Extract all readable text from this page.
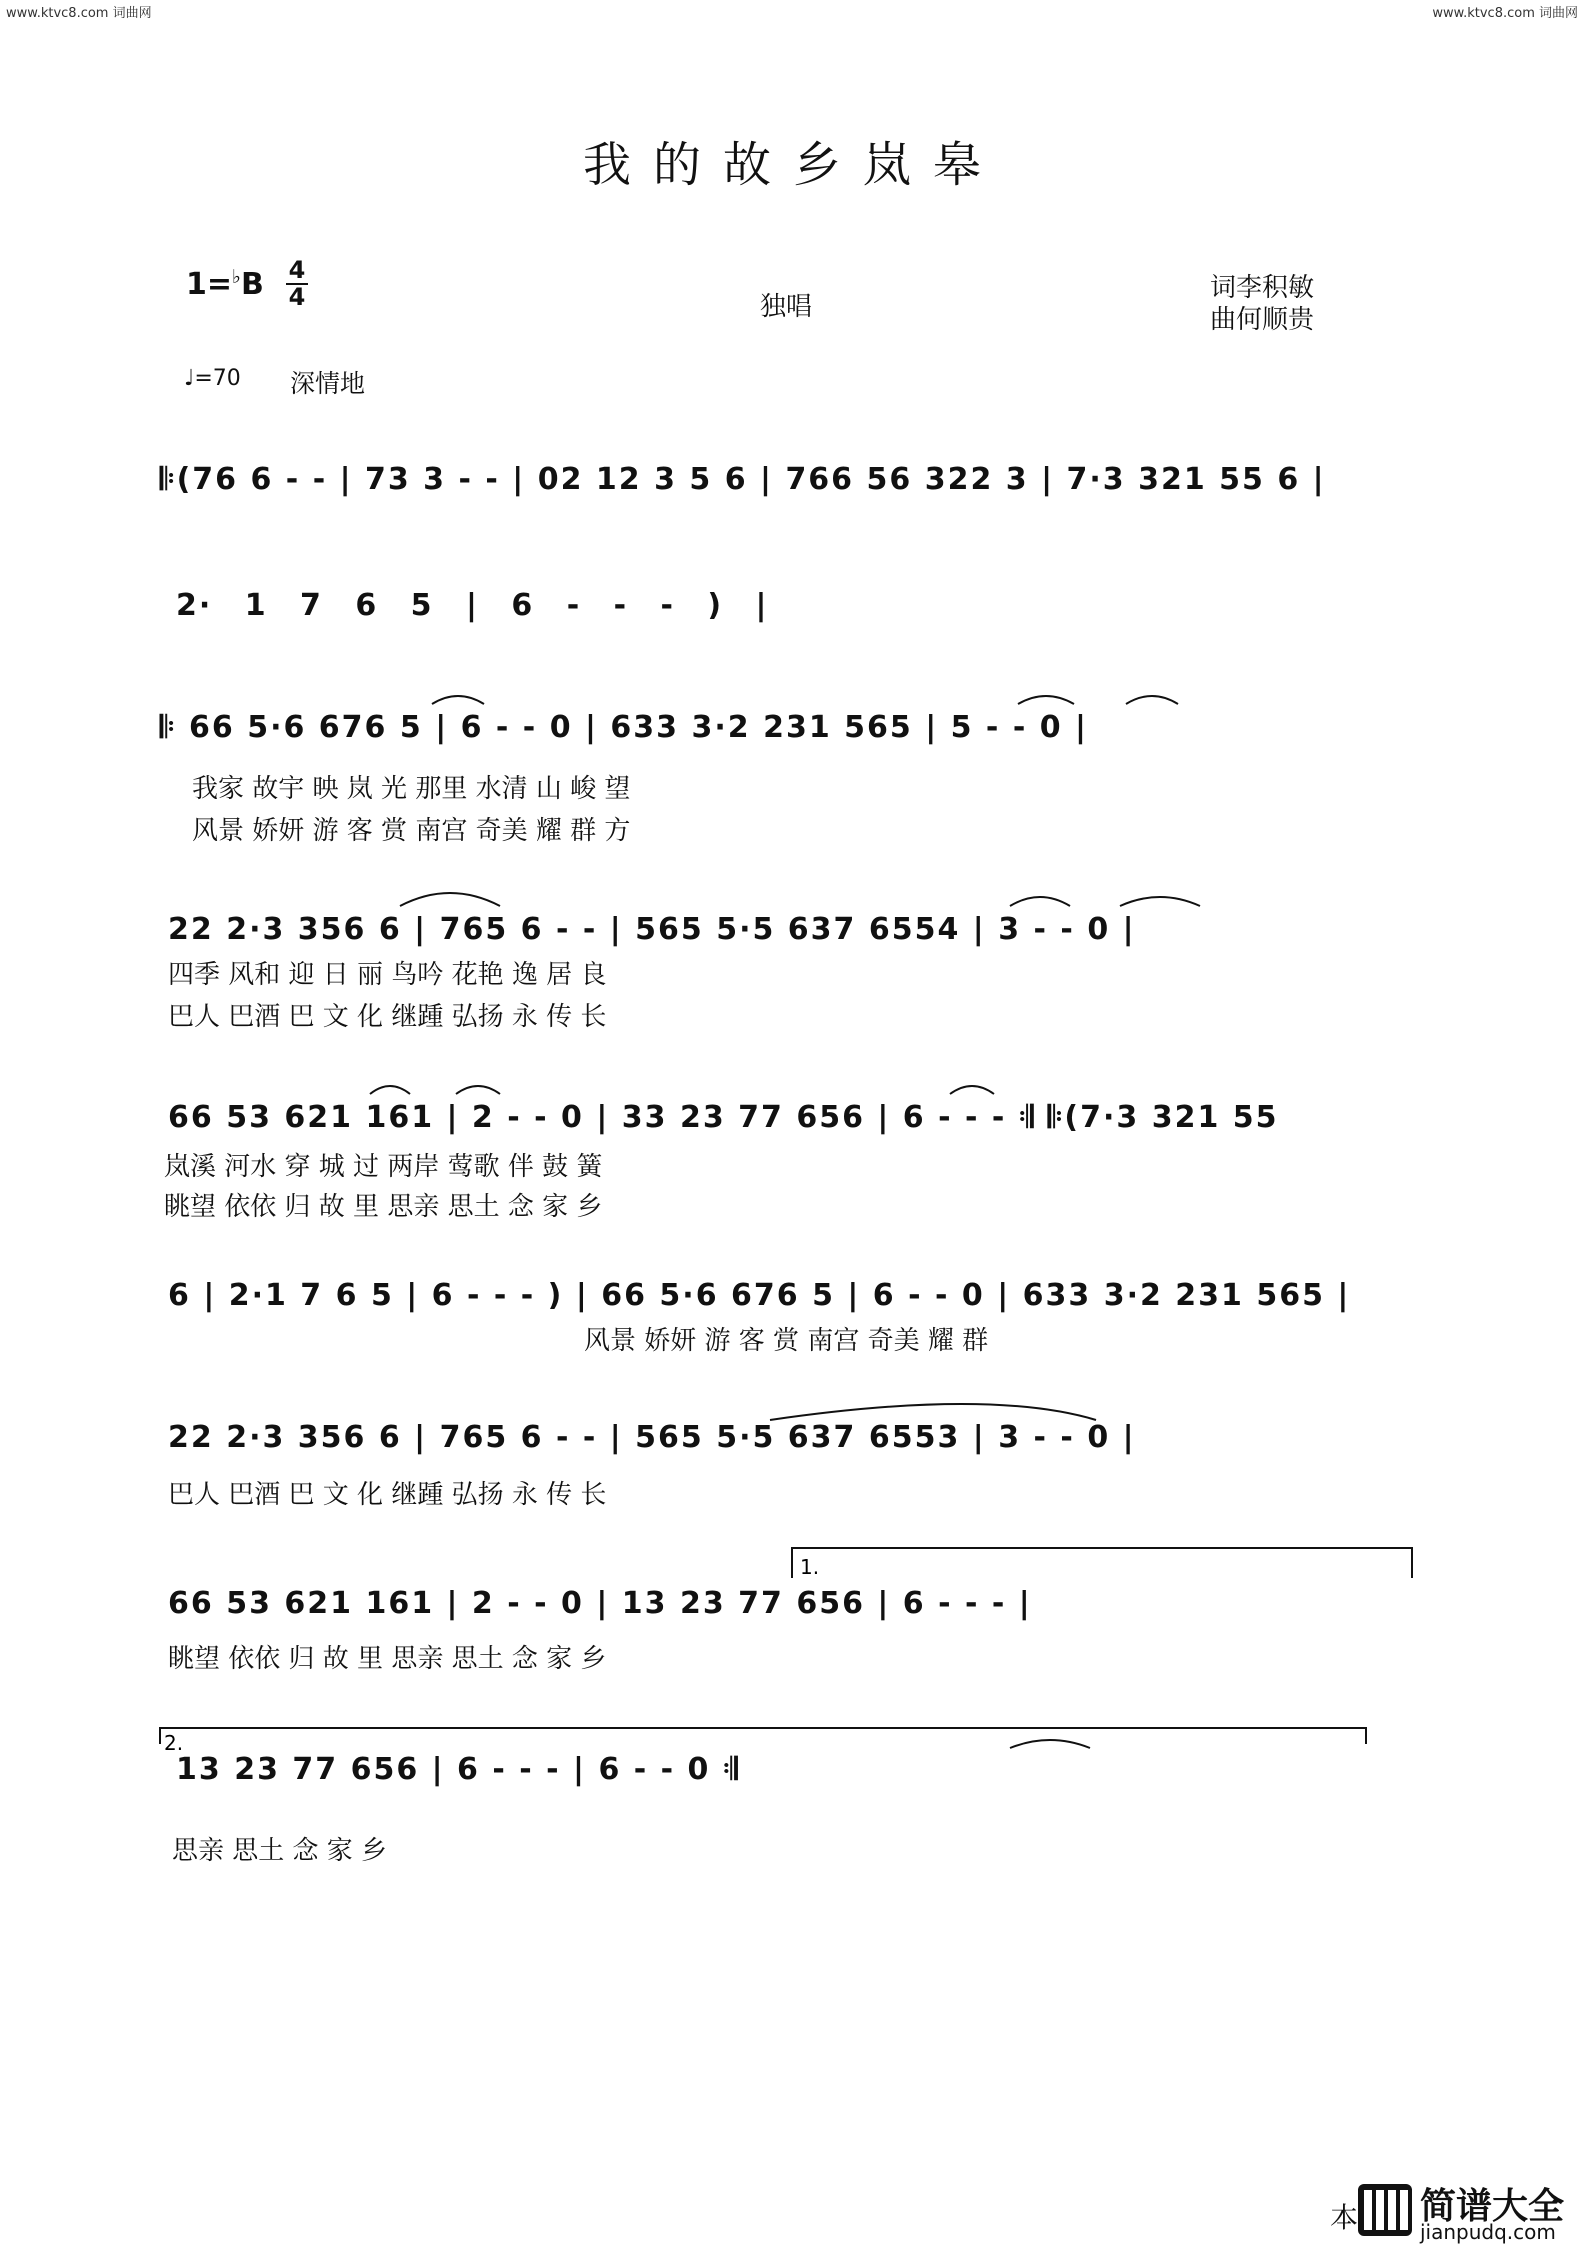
www.ktvc8.com 词曲网	www.ktvc8.com 词曲网
我的故乡岚皋
1=♭B 4
4	独唱
词李积敏
曲何顺贵
♩=70 深情地
𝄆(76 6 - - | 73 3 - - | 02 12 3 5 6 | 766 56 322 3 | 7·3 321 55 6 |
2· 1 7 6 5 | 6 - - - ) |
𝄆 66 5·6 676 5 | 6 - - 0 | 633 3·2 231 565 | 5 - - 0 |
我家 故宇 映 岚 光 那里 水清 山 峻 望
风景 娇妍 游 客 赏 南宫 奇美 耀 群 方
22 2·3 356 6 | 765 6 - - | 565 5·5 637 6554 | 3 - - 0 |
四季 风和 迎 日 丽 鸟吟 花艳 逸 居 良
巴人 巴酒 巴 文 化 继踵 弘扬 永 传 长
66 53 621 161 | 2 - - 0 | 33 23 77 656 | 6 - - - 𝄇 𝄆(7·3 321 55
岚溪 河水 穿 城 过 两岸 莺歌 伴 鼓 簧
眺望 依依 归 故 里 思亲 思土 念 家 乡
6 | 2·1 7 6 5 | 6 - - - ) | 66 5·6 676 5 | 6 - - 0 | 633 3·2 231 565 |
风景 娇妍 游 客 赏 南宫 奇美 耀 群
22 2·3 356 6 | 765 6 - - | 565 5·5 637 6553 | 3 - - 0 |
巴人 巴酒 巴 文 化 继踵 弘扬 永 传 长
66 53 621 161 | 2 - - 0 | 13 23 77 656 | 6 - - - |
眺望 依依 归 故 里 思亲 思土 念 家 乡
13 23 77 656 | 6 - - - | 6 - - 0 𝄇
思亲 思土 念 家 乡
1.
2.
本 简谱大全
jianpudq.com
